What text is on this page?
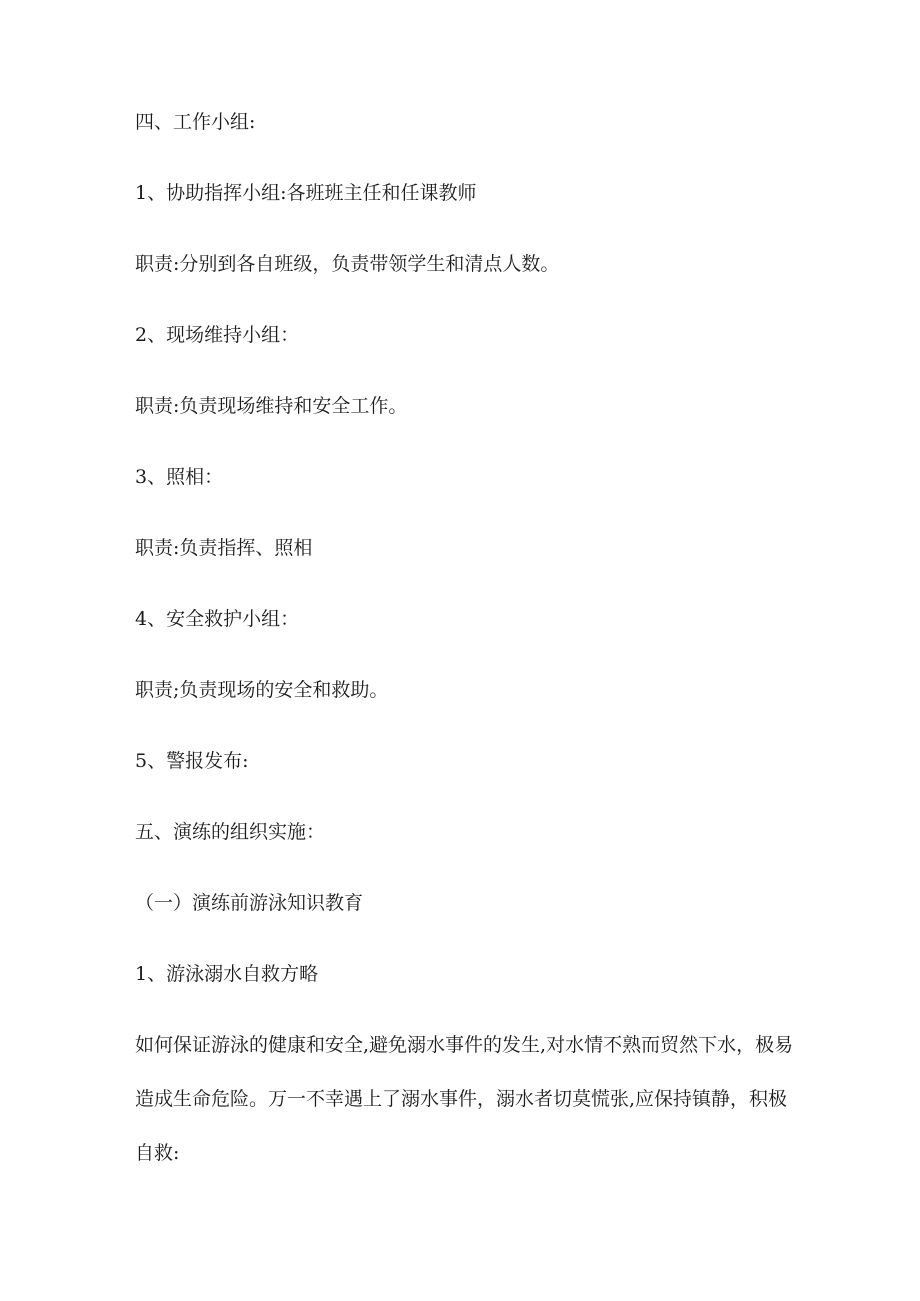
四、工作小组:
1、协助指挥小组:各班班主任和任课教师
职责:分别到各自班级，负责带领学生和清点人数。
2、现场维持小组：
职责:负责现场维持和安全工作。
3、照相：
职责:负责指挥、照相
4、安全救护小组：
职责;负责现场的安全和救助。
5、警报发布:
五、演练的组织实施：
（一）演练前游泳知识教育
1、游泳溺水自救方略
如何保证游泳的健康和安全,避免溺水事件的发生,对水情不熟而贸然下水，极易
造成生命危险。万一不幸遇上了溺水事件，溺水者切莫慌张,应保持镇静，积极
自救:
